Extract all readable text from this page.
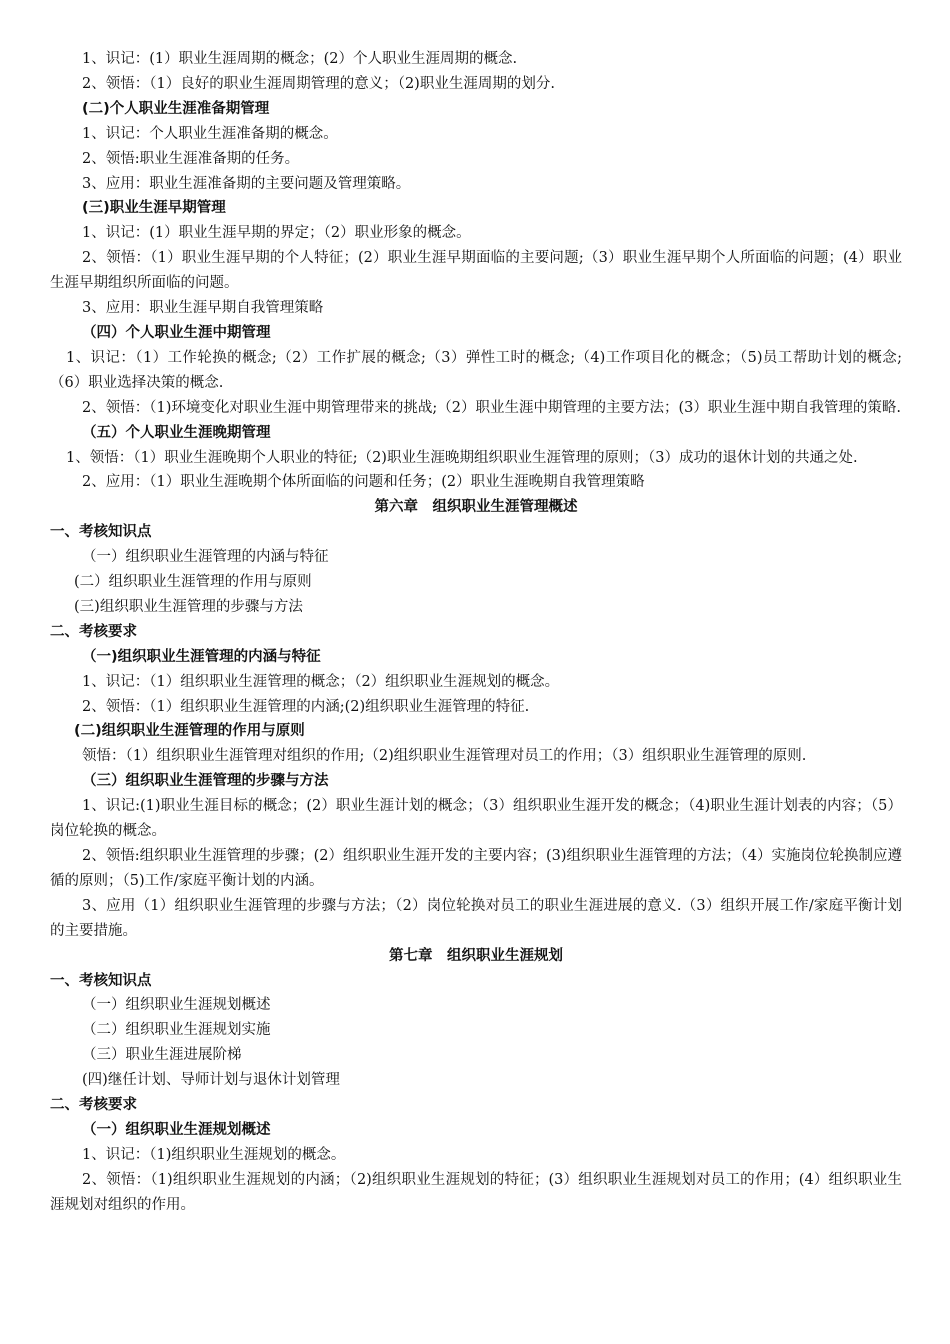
1、识记：(1）职业生涯周期的概念；(2）个人职业生涯周期的概念.
2、领悟：（1）良好的职业生涯周期管理的意义；（2)职业生涯周期的划分.
(二)个人职业生涯准备期管理
1、识记：个人职业生涯准备期的概念。
2、领悟:职业生涯准备期的任务。
3、应用：职业生涯准备期的主要问题及管理策略。
(三)职业生涯早期管理
1、识记：(1）职业生涯早期的界定；（2）职业形象的概念。
2、领悟：（1）职业生涯早期的个人特征；(2）职业生涯早期面临的主要问题;（3）职业生涯早期个人所面临的问题；(4）职业生涯早期组织所面临的问题。
3、应用：职业生涯早期自我管理策略
（四）个人职业生涯中期管理
1、识记：（1）工作轮换的概念;（2）工作扩展的概念;（3）弹性工时的概念;（4)工作项目化的概念；（5)员工帮助计划的概念;（6）职业选择决策的概念.
2、领悟：（1)环境变化对职业生涯中期管理带来的挑战;（2）职业生涯中期管理的主要方法；(3）职业生涯中期自我管理的策略.
（五）个人职业生涯晚期管理
1、领悟：（1）职业生涯晚期个人职业的特征;（2)职业生涯晚期组织职业生涯管理的原则；（3）成功的退休计划的共通之处.
2、应用：（1）职业生涯晚期个体所面临的问题和任务；(2）职业生涯晚期自我管理策略
第六章　组织职业生涯管理概述
一、考核知识点
（一）组织职业生涯管理的内涵与特征
(二）组织职业生涯管理的作用与原则
(三)组织职业生涯管理的步骤与方法
二、考核要求
（一)组织职业生涯管理的内涵与特征
1、识记：（1）组织职业生涯管理的概念；（2）组织职业生涯规划的概念。
2、领悟：（1）组织职业生涯管理的内涵;(2)组织职业生涯管理的特征.
(二)组织职业生涯管理的作用与原则
领悟：（1）组织职业生涯管理对组织的作用;（2)组织职业生涯管理对员工的作用；（3）组织职业生涯管理的原则.
（三）组织职业生涯管理的步骤与方法
1、识记:(1)职业生涯目标的概念；(2）职业生涯计划的概念；（3）组织职业生涯开发的概念；（4)职业生涯计划表的内容；（5）岗位轮换的概念。
2、领悟:组织职业生涯管理的步骤；(2）组织职业生涯开发的主要内容；(3)组织职业生涯管理的方法；（4）实施岗位轮换制应遵循的原则；（5)工作/家庭平衡计划的内涵。
3、应用（1）组织职业生涯管理的步骤与方法；（2）岗位轮换对员工的职业生涯进展的意义.（3）组织开展工作/家庭平衡计划的主要措施。
第七章　组织职业生涯规划
一、考核知识点
（一）组织职业生涯规划概述
（二）组织职业生涯规划实施
（三）职业生涯进展阶梯
(四)继任计划、导师计划与退休计划管理
二、考核要求
（一）组织职业生涯规划概述
1、识记：（1)组织职业生涯规划的概念。
2、领悟：（1)组织职业生涯规划的内涵；（2)组织职业生涯规划的特征；(3）组织职业生涯规划对员工的作用；(4）组织职业生涯规划对组织的作用。
